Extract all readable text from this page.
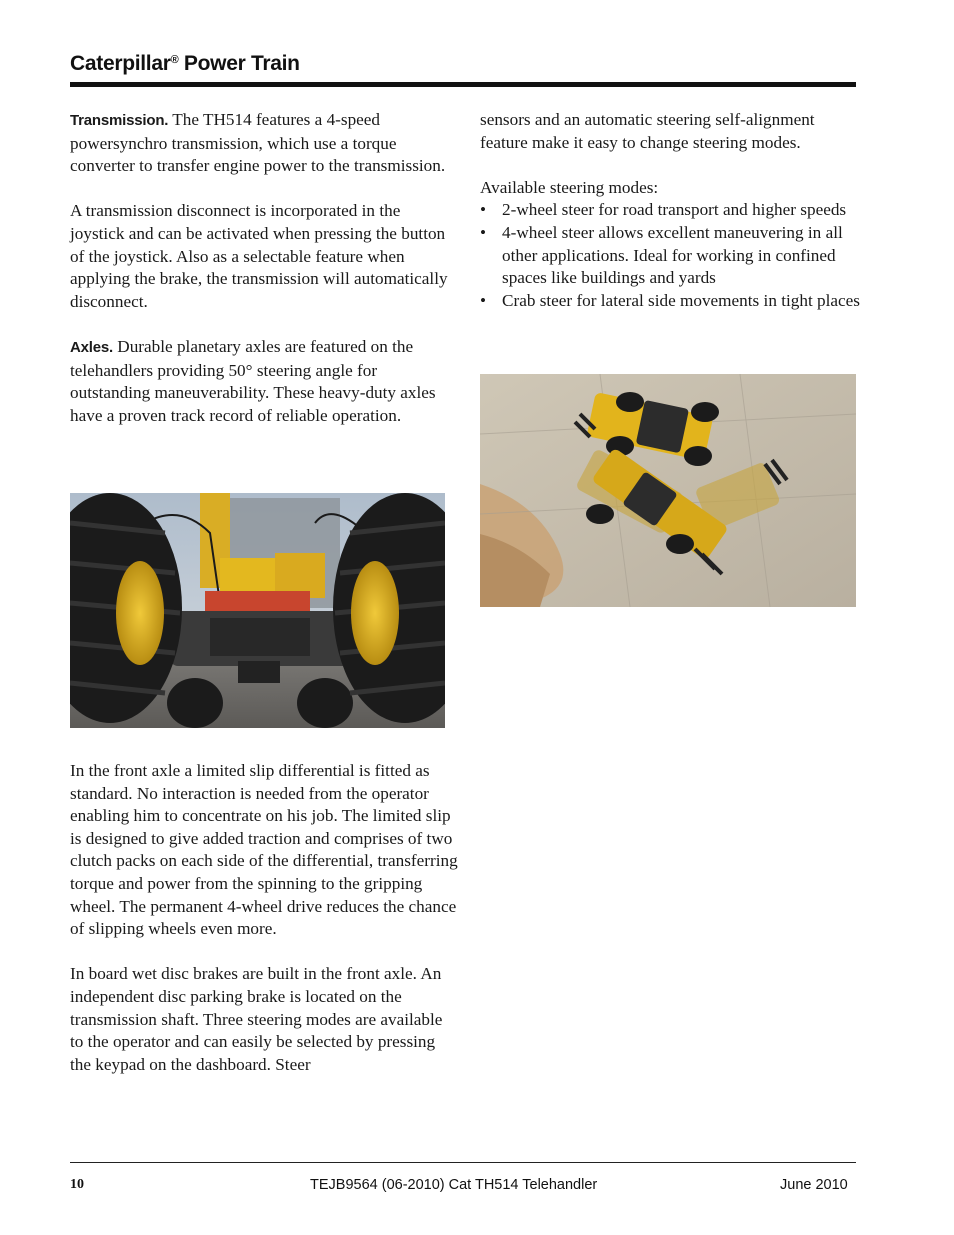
Caterpillar® Power Train

Transmission. The TH514 features a 4-speed powersynchro transmission, which use a torque converter to transfer engine power to the transmission.

A transmission disconnect is incorporated in the joystick and can be activated when pressing the button of the joystick. Also as a selectable feature when applying the brake, the transmission will automatically disconnect.

Axles. Durable planetary axles are featured on the telehandlers providing 50° steering angle for outstanding maneuverability. These heavy-duty axles have a proven track record of reliable operation.

In the front axle a limited slip differential is fitted as standard. No interaction is needed from the operator enabling him to concentrate on his job. The limited slip is designed to give added traction and comprises of two clutch packs on each side of the differential, transferring torque and power from the spinning to the gripping wheel. The permanent 4-wheel drive reduces the chance of slipping wheels even more.

In board wet disc brakes are built in the front axle. An independent disc parking brake is located on the transmission shaft. Three steering modes are available to the operator and can easily be selected by pressing the keypad on the dashboard. Steer

sensors and an automatic steering self-alignment feature make it easy to change steering modes.

Available steering modes:
• 2-wheel steer for road transport and higher speeds
• 4-wheel steer allows excellent maneuvering in all other applications. Ideal for working in confined spaces like buildings and yards
• Crab steer for lateral side movements in tight places
10	TEJB9564 (06-2010) Cat TH514 Telehandler	June 2010
